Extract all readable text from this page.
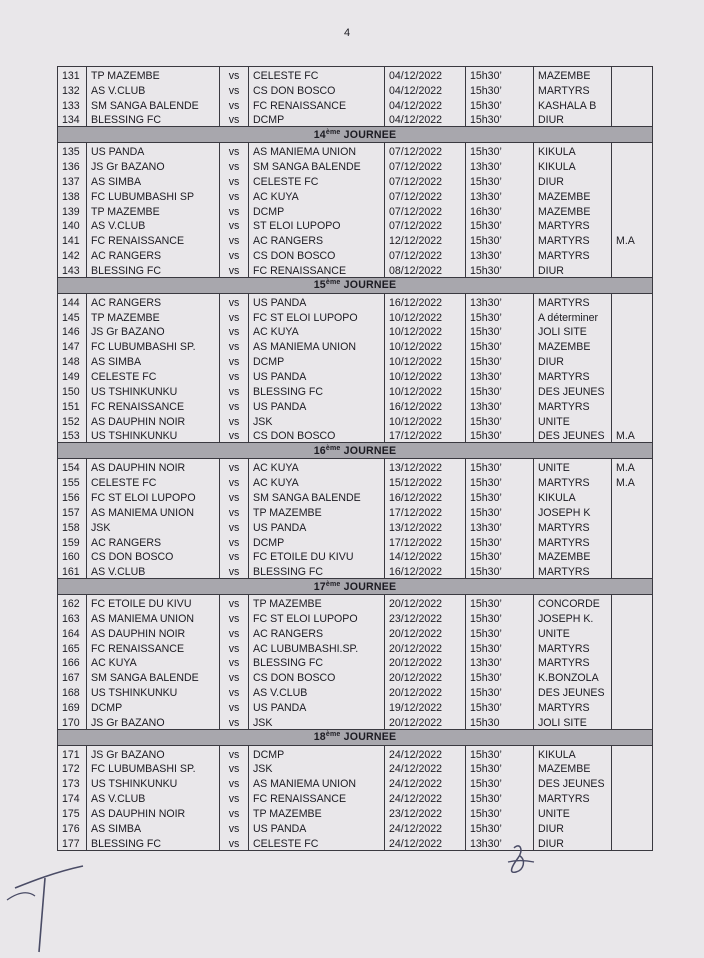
4
131	TP MAZEMBE	vs	CELESTE FC	04/12/2022	15h30’	MAZEMBE	
132	AS V.CLUB	vs	CS DON BOSCO	04/12/2022	15h30’	MARTYRS	
133	SM SANGA BALENDE	vs	FC RENAISSANCE	04/12/2022	15h30’	KASHALA B	
134	BLESSING FC	vs	DCMP	04/12/2022	15h30’	DIUR	
14ème JOURNEE							
135	US PANDA	vs	AS MANIEMA UNION	07/12/2022	15h30’	KIKULA	
136	JS Gr BAZANO	vs	SM SANGA BALENDE	07/12/2022	13h30’	KIKULA	
137	AS SIMBA	vs	CELESTE FC	07/12/2022	15h30’	DIUR	
138	FC LUBUMBASHI SP	vs	AC KUYA	07/12/2022	13h30’	MAZEMBE	
139	TP MAZEMBE	vs	DCMP	07/12/2022	16h30’	MAZEMBE	
140	AS V.CLUB	vs	ST ELOI LUPOPO	07/12/2022	15h30’	MARTYRS	
141	FC RENAISSANCE	vs	AC RANGERS	12/12/2022	15h30’	MARTYRS	M.A
142	AC RANGERS	vs	CS DON BOSCO	07/12/2022	13h30’	MARTYRS	
143	BLESSING FC	vs	FC RENAISSANCE	08/12/2022	15h30’	DIUR	
15ème JOURNEE							
144	AC RANGERS	vs	US PANDA	16/12/2022	13h30’	MARTYRS	
145	TP MAZEMBE	vs	FC ST ELOI LUPOPO	10/12/2022	15h30’	A déterminer	
146	JS Gr BAZANO	vs	AC KUYA	10/12/2022	15h30’	JOLI SITE	
147	FC LUBUMBASHI SP.	vs	AS MANIEMA UNION	10/12/2022	15h30’	MAZEMBE	
148	AS SIMBA	vs	DCMP	10/12/2022	15h30’	DIUR	
149	CELESTE FC	vs	US PANDA	10/12/2022	13h30’	MARTYRS	
150	US TSHINKUNKU	vs	BLESSING FC	10/12/2022	15h30’	DES JEUNES	
151	FC RENAISSANCE	vs	US PANDA	16/12/2022	13h30’	MARTYRS	
152	AS DAUPHIN NOIR	vs	JSK	10/12/2022	15h30’	UNITE	
153	US TSHINKUNKU	vs	CS DON BOSCO	17/12/2022	15h30’	DES JEUNES	M.A
16ème JOURNEE							
154	AS DAUPHIN NOIR	vs	AC KUYA	13/12/2022	15h30’	UNITE	M.A
155	CELESTE FC	vs	AC KUYA	15/12/2022	15h30’	MARTYRS	M.A
156	FC ST ELOI LUPOPO	vs	SM SANGA BALENDE	16/12/2022	15h30’	KIKULA	
157	AS MANIEMA UNION	vs	TP MAZEMBE	17/12/2022	15h30’	JOSEPH K	
158	JSK	vs	US PANDA	13/12/2022	13h30’	MARTYRS	
159	AC RANGERS	vs	DCMP	17/12/2022	15h30’	MARTYRS	
160	CS DON BOSCO	vs	FC ETOILE DU KIVU	14/12/2022	15h30’	MAZEMBE	
161	AS V.CLUB	vs	BLESSING FC	16/12/2022	15h30’	MARTYRS	
17ème JOURNEE							
162	FC ETOILE DU KIVU	vs	TP MAZEMBE	20/12/2022	15h30’	CONCORDE	
163	AS MANIEMA UNION	vs	FC ST ELOI LUPOPO	23/12/2022	15h30’	JOSEPH K.	
164	AS DAUPHIN NOIR	vs	AC RANGERS	20/12/2022	15h30’	UNITE	
165	FC RENAISSANCE	vs	AC LUBUMBASHI.SP.	20/12/2022	15h30’	MARTYRS	
166	AC KUYA	vs	BLESSING FC	20/12/2022	13h30’	MARTYRS	
167	SM SANGA BALENDE	vs	CS DON BOSCO	20/12/2022	15h30’	K.BONZOLA	
168	US TSHINKUNKU	vs	AS V.CLUB	20/12/2022	15h30’	DES JEUNES	
169	DCMP	vs	US PANDA	19/12/2022	15h30’	MARTYRS	
170	JS Gr BAZANO	vs	JSK	20/12/2022	15h30	JOLI SITE	
18ème JOURNEE							
171	JS Gr BAZANO	vs	DCMP	24/12/2022	15h30’	KIKULA	
172	FC LUBUMBASHI SP.	vs	JSK	24/12/2022	15h30’	MAZEMBE	
173	US TSHINKUNKU	vs	AS MANIEMA UNION	24/12/2022	15h30’	DES JEUNES	
174	AS V.CLUB	vs	FC RENAISSANCE	24/12/2022	15h30’	MARTYRS	
175	AS DAUPHIN NOIR	vs	TP MAZEMBE	23/12/2022	15h30’	UNITE	
176	AS SIMBA	vs	US PANDA	24/12/2022	15h30’	DIUR	
177	BLESSING FC	vs	CELESTE FC	24/12/2022	13h30’	DIUR	
